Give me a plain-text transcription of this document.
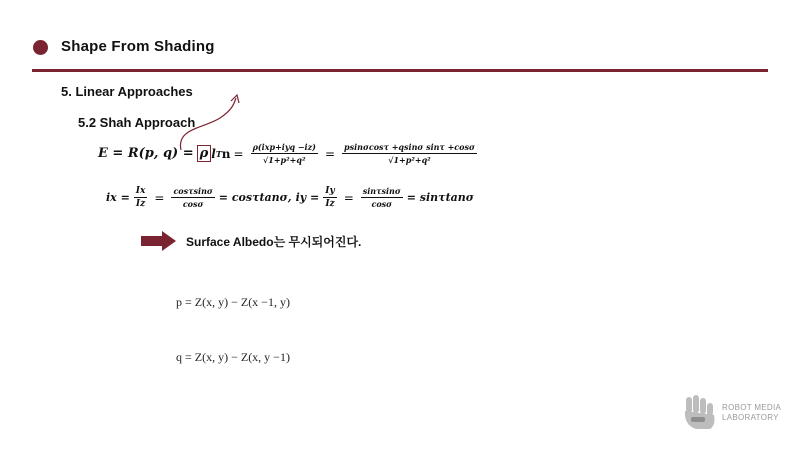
Shape From Shading
5. Linear Approaches
5.2 Shah Approach
E = R(p, q) = ρ l T $n = \frac{\text{ρ(ixp+iyq −iz)}}{\text{√1+p²+q²}} = \frac{\text{psinσcosτ +qsinσ sinτ +cosσ}}{\text{√1+p²+q²}}$
ix = $\frac{Ix}{Iz} = \frac{\cos\tau\sin\sigma}{\cos\sigma} = \cos\tau\tan\sigma$, iy = $\frac{Iy}{Iz} = \frac{\sin\tau\sin\sigma}{\cos\sigma} = \sin\tau\tan\sigma$
Surface Albedo는 무시되어진다.
p = Z(x, y) − Z(x −1, y)
q = Z(x, y) − Z(x, y −1)
ROBOT MEDIA
LABORATORY
